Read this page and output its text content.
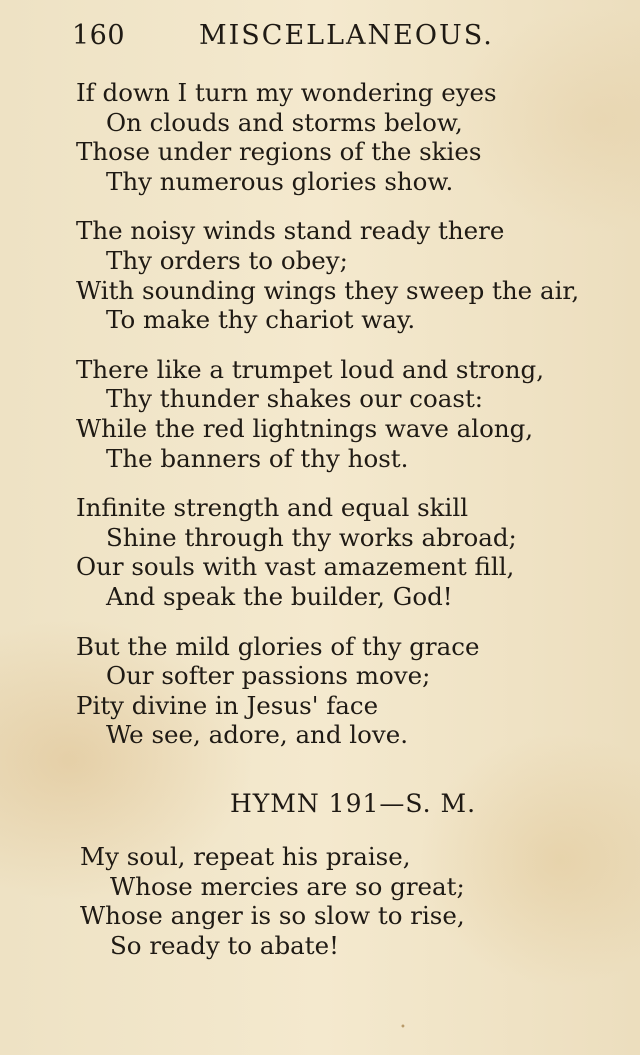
160	MISCELLANEOUS.
If down I turn my wondering eyes
On clouds and storms below,
Those under regions of the skies
Thy numerous glories show.
The noisy winds stand ready there
Thy orders to obey;
With sounding wings they sweep the air,
To make thy chariot way.
There like a trumpet loud and strong,
Thy thunder shakes our coast:
While the red lightnings wave along,
The banners of thy host.
Infinite strength and equal skill
Shine through thy works abroad;
Our souls with vast amazement fill,
And speak the builder, God!
But the mild glories of thy grace
Our softer passions move;
Pity divine in Jesus' face
We see, adore, and love.
HYMN 191—S. M.
My soul, repeat his praise,
Whose mercies are so great;
Whose anger is so slow to rise,
So ready to abate!
•
